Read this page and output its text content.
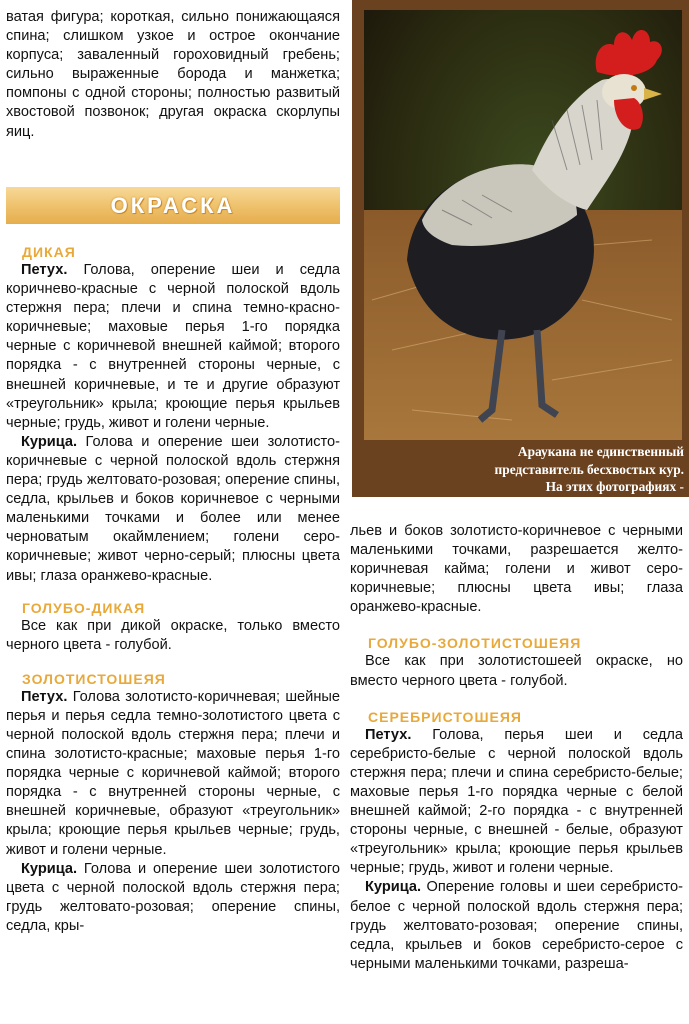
ватая фигура; короткая, сильно понижающаяся спина; слишком узкое и острое окончание корпуса; заваленный гороховидный гребень; сильно выраженные борода и манжетка; помпоны с одной стороны; полностью развитый хвостовой позвонок; другая окраска скорлупы яиц.

ОКРАСКА

ДИКАЯ

Петух. Голова, оперение шеи и седла коричнево-красные с черной полоской вдоль стержня пера; плечи и спина темно-красно-коричневые; маховые перья 1-го порядка черные с коричневой внешней каймой; второго порядка - с внутренней стороны черные, с внешней коричневые, и те и другие образуют «треугольник» крыла; кроющие перья крыльев черные; грудь, живот и голени черные.

Курица. Голова и оперение шеи золотисто-коричневые с черной полоской вдоль стержня пера; грудь желтовато-розовая; оперение спины, седла, крыльев и боков коричневое с черными маленькими точками и более или менее черноватым окаймлением; голени серо-коричневые; живот черно-серый; плюсны цвета ивы; глаза оранжево-красные.

ГОЛУБО-ДИКАЯ

Все как при дикой окраске, только вместо черного цвета - голубой.

ЗОЛОТИСТОШЕЯЯ

Петух. Голова золотисто-коричневая; шейные перья и перья седла темно-золотистого цвета с черной полоской вдоль стержня пера; плечи и спина золотисто-красные; маховые перья 1-го порядка черные с коричневой каймой; второго порядка - с внутренней стороны черные, с внешней коричневые, образуют «треугольник» крыла; кроющие перья крыльев черные; грудь, живот и голени черные.

Курица. Голова и оперение шеи золотистого цвета с черной полоской вдоль стержня пера; грудь желтовато-розовая; оперение спины, седла, кры-

Араукана не единственный
представитель бесхвостых кур.
На этих фотографиях -

льев и боков золотисто-коричневое с черными маленькими точками, разрешается желто-коричневая кайма; голени и живот серо-коричневые; плюсны цвета ивы; глаза оранжево-красные.

ГОЛУБО-ЗОЛОТИСТОШЕЯЯ

Все как при золотистошеей окраске, но вместо черного цвета - голубой.

СЕРЕБРИСТОШЕЯЯ

Петух. Голова, перья шеи и седла серебристо-белые с черной полоской вдоль стержня пера; плечи и спина серебристо-белые; маховые перья 1-го порядка черные с белой внешней каймой; 2-го порядка - с внутренней стороны черные, с внешней - белые, образуют «треугольник» крыла; кроющие перья крыльев черные; грудь, живот и голени черные.

Курица. Оперение головы и шеи серебристо-белое с черной полоской вдоль стержня пера; грудь желтовато-розовая; оперение спины, седла, крыльев и боков серебристо-серое с черными маленькими точками, разреша-
